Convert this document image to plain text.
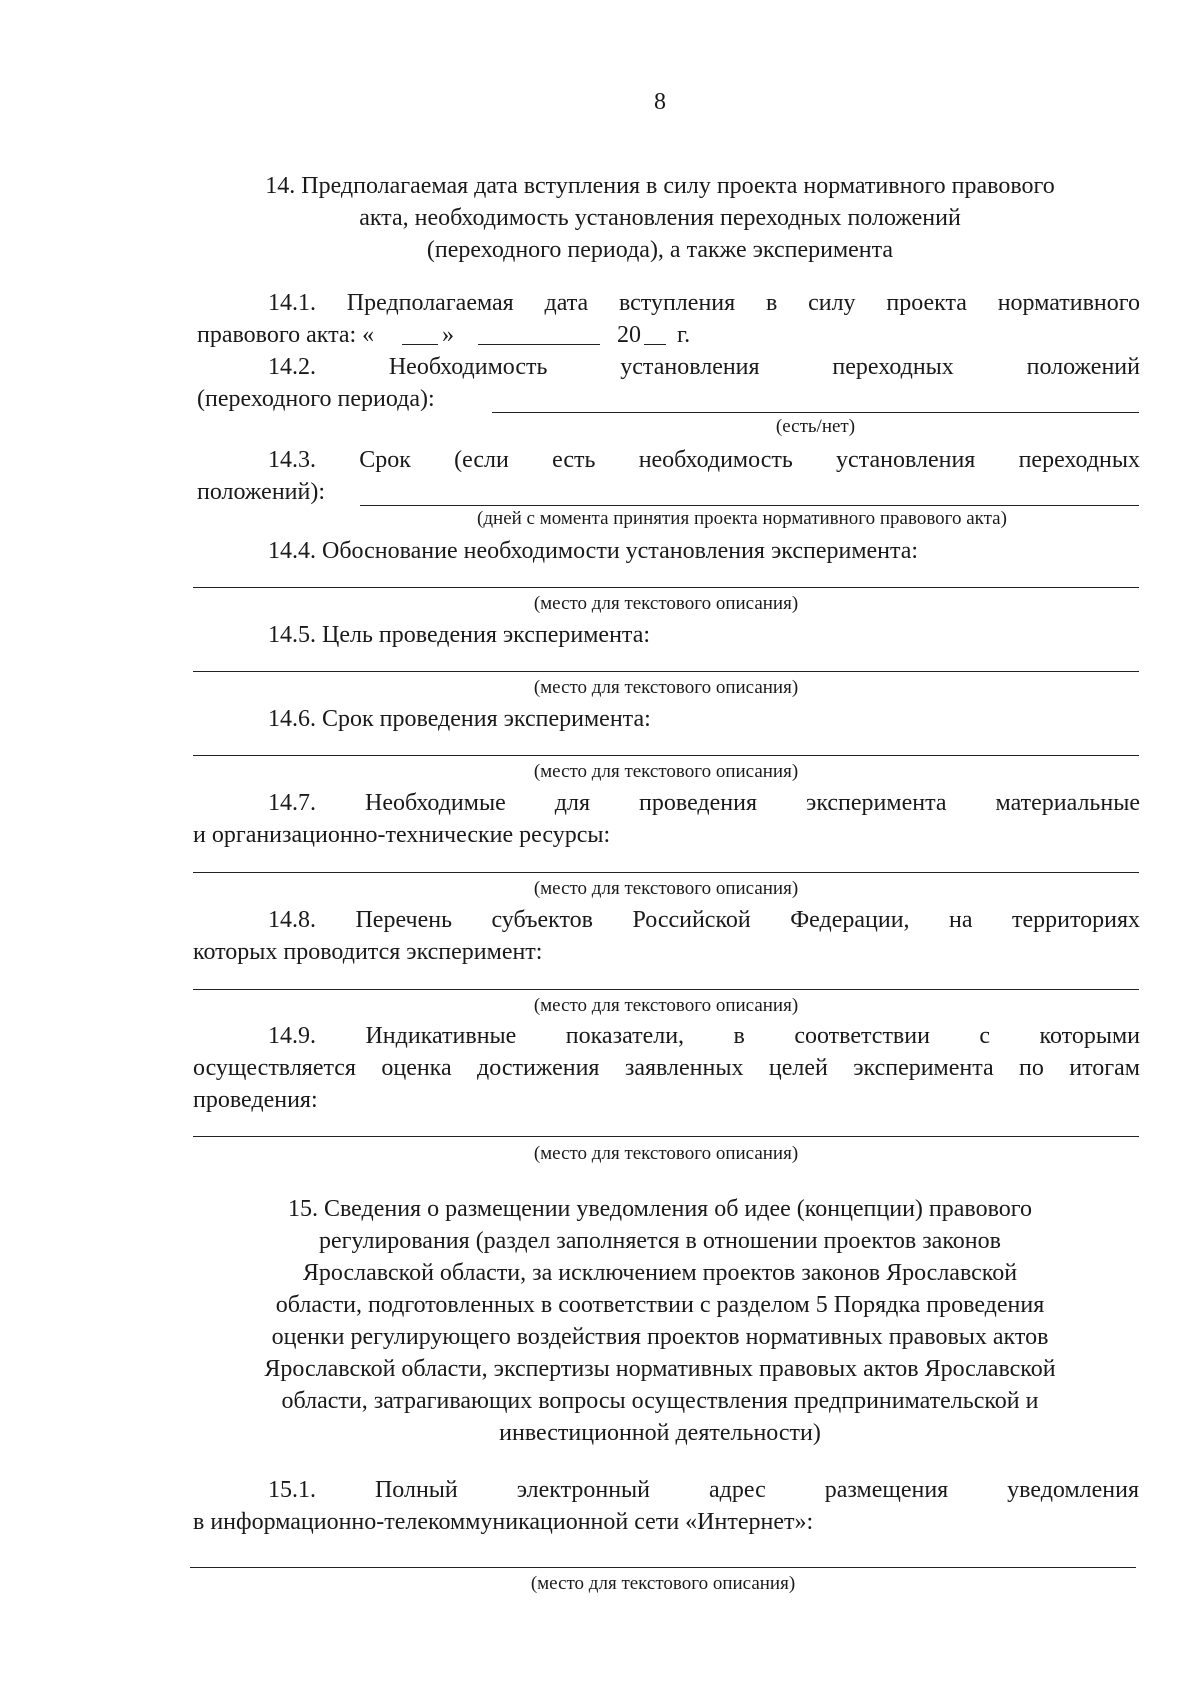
8
14. Предполагаемая дата вступления в силу проекта нормативного правового
акта, необходимость установления переходных положений
(переходного периода), а также эксперимента
14.1. Предполагаемая дата вступления в силу проекта нормативного
правового акта: «	»	20 г.
14.2. Необходимость установления переходных положений
(переходного периода):
(есть/нет)
14.3. Срок (если есть необходимость установления переходных
положений):
(дней с момента принятия проекта нормативного правового акта)
14.4. Обоснование необходимости установления эксперимента:
(место для текстового описания)
14.5. Цель проведения эксперимента:
(место для текстового описания)
14.6. Срок проведения эксперимента:
(место для текстового описания)
14.7. Необходимые для проведения эксперимента материальные
и организационно-технические ресурсы:
(место для текстового описания)
14.8. Перечень субъектов Российской Федерации, на территориях
которых проводится эксперимент:
(место для текстового описания)
14.9. Индикативные показатели, в соответствии с которыми
осуществляется оценка достижения заявленных целей эксперимента по итогам
проведения:
(место для текстового описания)
15. Сведения о размещении уведомления об идее (концепции) правового
регулирования (раздел заполняется в отношении проектов законов
Ярославской области, за исключением проектов законов Ярославской
области, подготовленных в соответствии с разделом 5 Порядка проведения
оценки регулирующего воздействия проектов нормативных правовых актов
Ярославской области, экспертизы нормативных правовых актов Ярославской
области, затрагивающих вопросы осуществления предпринимательской и
инвестиционной деятельности)
15.1. Полный электронный адрес размещения уведомления
в информационно-телекоммуникационной сети «Интернет»:
(место для текстового описания)
